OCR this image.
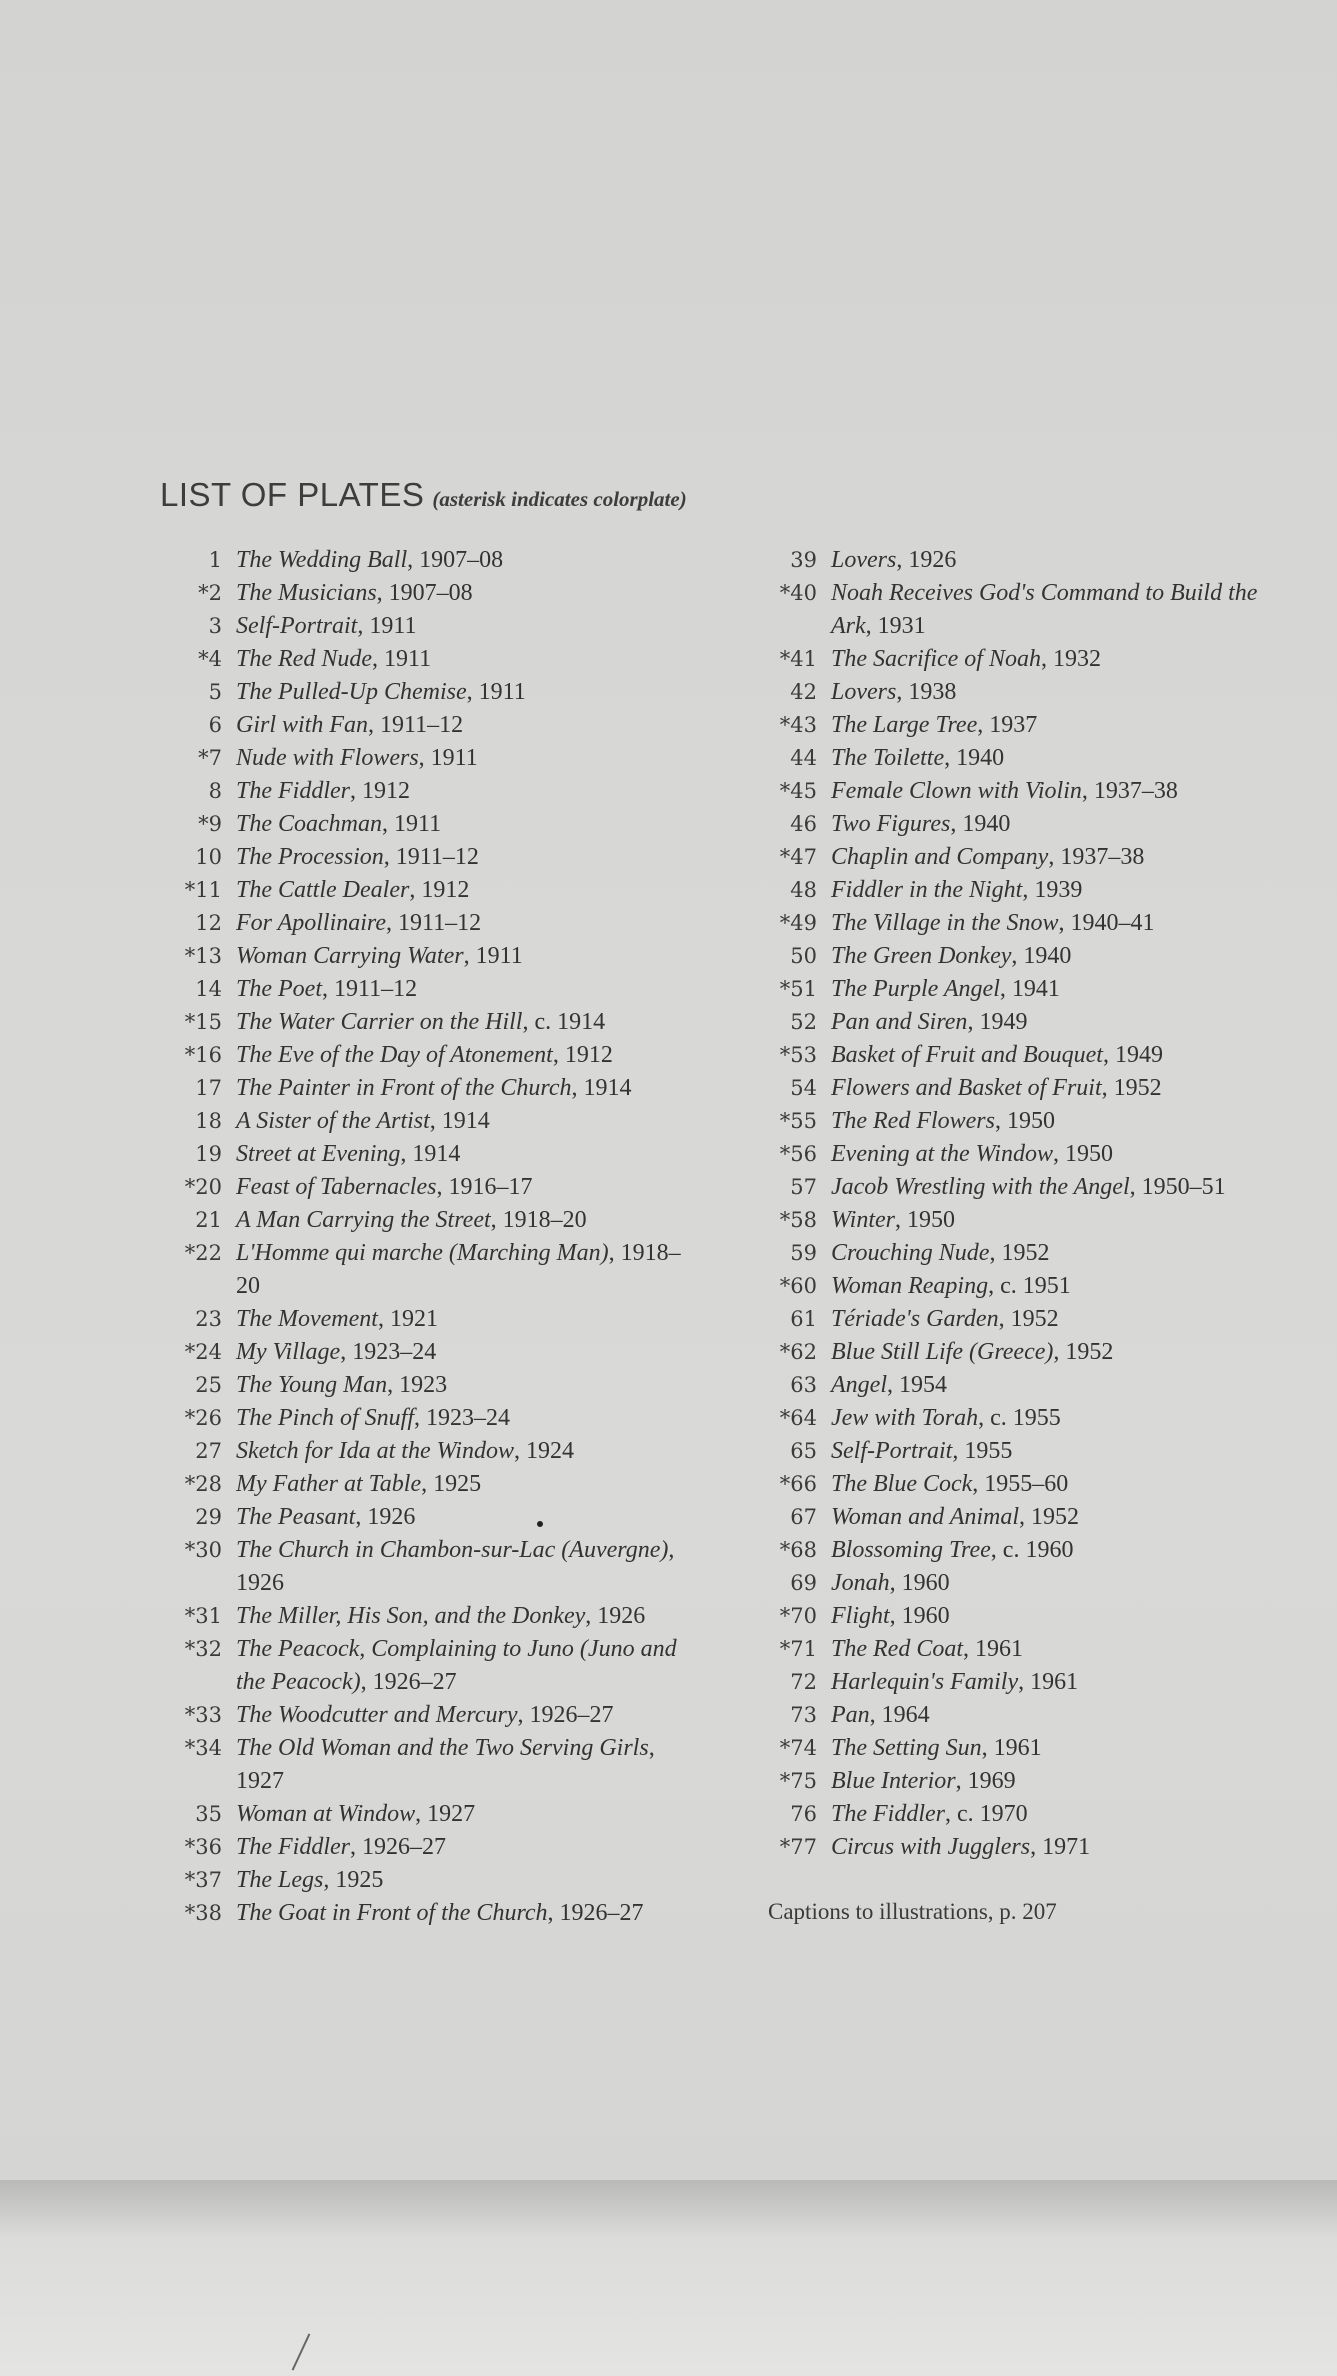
LIST OF PLATES (asterisk indicates colorplate)
1 The Wedding Ball, 1907–08
*2 The Musicians, 1907–08
3 Self-Portrait, 1911
*4 The Red Nude, 1911
5 The Pulled-Up Chemise, 1911
6 Girl with Fan, 1911–12
*7 Nude with Flowers, 1911
8 The Fiddler, 1912
*9 The Coachman, 1911
10 The Procession, 1911–12
*11 The Cattle Dealer, 1912
12 For Apollinaire, 1911–12
*13 Woman Carrying Water, 1911
14 The Poet, 1911–12
*15 The Water Carrier on the Hill, c. 1914
*16 The Eve of the Day of Atonement, 1912
17 The Painter in Front of the Church, 1914
18 A Sister of the Artist, 1914
19 Street at Evening, 1914
*20 Feast of Tabernacles, 1916–17
21 A Man Carrying the Street, 1918–20
*22 L'Homme qui marche (Marching Man), 1918–20
23 The Movement, 1921
*24 My Village, 1923–24
25 The Young Man, 1923
*26 The Pinch of Snuff, 1923–24
27 Sketch for Ida at the Window, 1924
*28 My Father at Table, 1925
29 The Peasant, 1926
*30 The Church in Chambon-sur-Lac (Auvergne), 1926
*31 The Miller, His Son, and the Donkey, 1926
*32 The Peacock, Complaining to Juno (Juno and the Peacock), 1926–27
*33 The Woodcutter and Mercury, 1926–27
*34 The Old Woman and the Two Serving Girls, 1927
35 Woman at Window, 1927
*36 The Fiddler, 1926–27
*37 The Legs, 1925
*38 The Goat in Front of the Church, 1926–27
39 Lovers, 1926
*40 Noah Receives God's Command to Build the Ark, 1931
*41 The Sacrifice of Noah, 1932
42 Lovers, 1938
*43 The Large Tree, 1937
44 The Toilette, 1940
*45 Female Clown with Violin, 1937–38
46 Two Figures, 1940
*47 Chaplin and Company, 1937–38
48 Fiddler in the Night, 1939
*49 The Village in the Snow, 1940–41
50 The Green Donkey, 1940
*51 The Purple Angel, 1941
52 Pan and Siren, 1949
*53 Basket of Fruit and Bouquet, 1949
54 Flowers and Basket of Fruit, 1952
*55 The Red Flowers, 1950
*56 Evening at the Window, 1950
57 Jacob Wrestling with the Angel, 1950–51
*58 Winter, 1950
59 Crouching Nude, 1952
*60 Woman Reaping, c. 1951
61 Tériade's Garden, 1952
*62 Blue Still Life (Greece), 1952
63 Angel, 1954
*64 Jew with Torah, c. 1955
65 Self-Portrait, 1955
*66 The Blue Cock, 1955–60
67 Woman and Animal, 1952
*68 Blossoming Tree, c. 1960
69 Jonah, 1960
*70 Flight, 1960
*71 The Red Coat, 1961
72 Harlequin's Family, 1961
73 Pan, 1964
*74 The Setting Sun, 1961
*75 Blue Interior, 1969
76 The Fiddler, c. 1970
*77 Circus with Jugglers, 1971
Captions to illustrations, p. 207
